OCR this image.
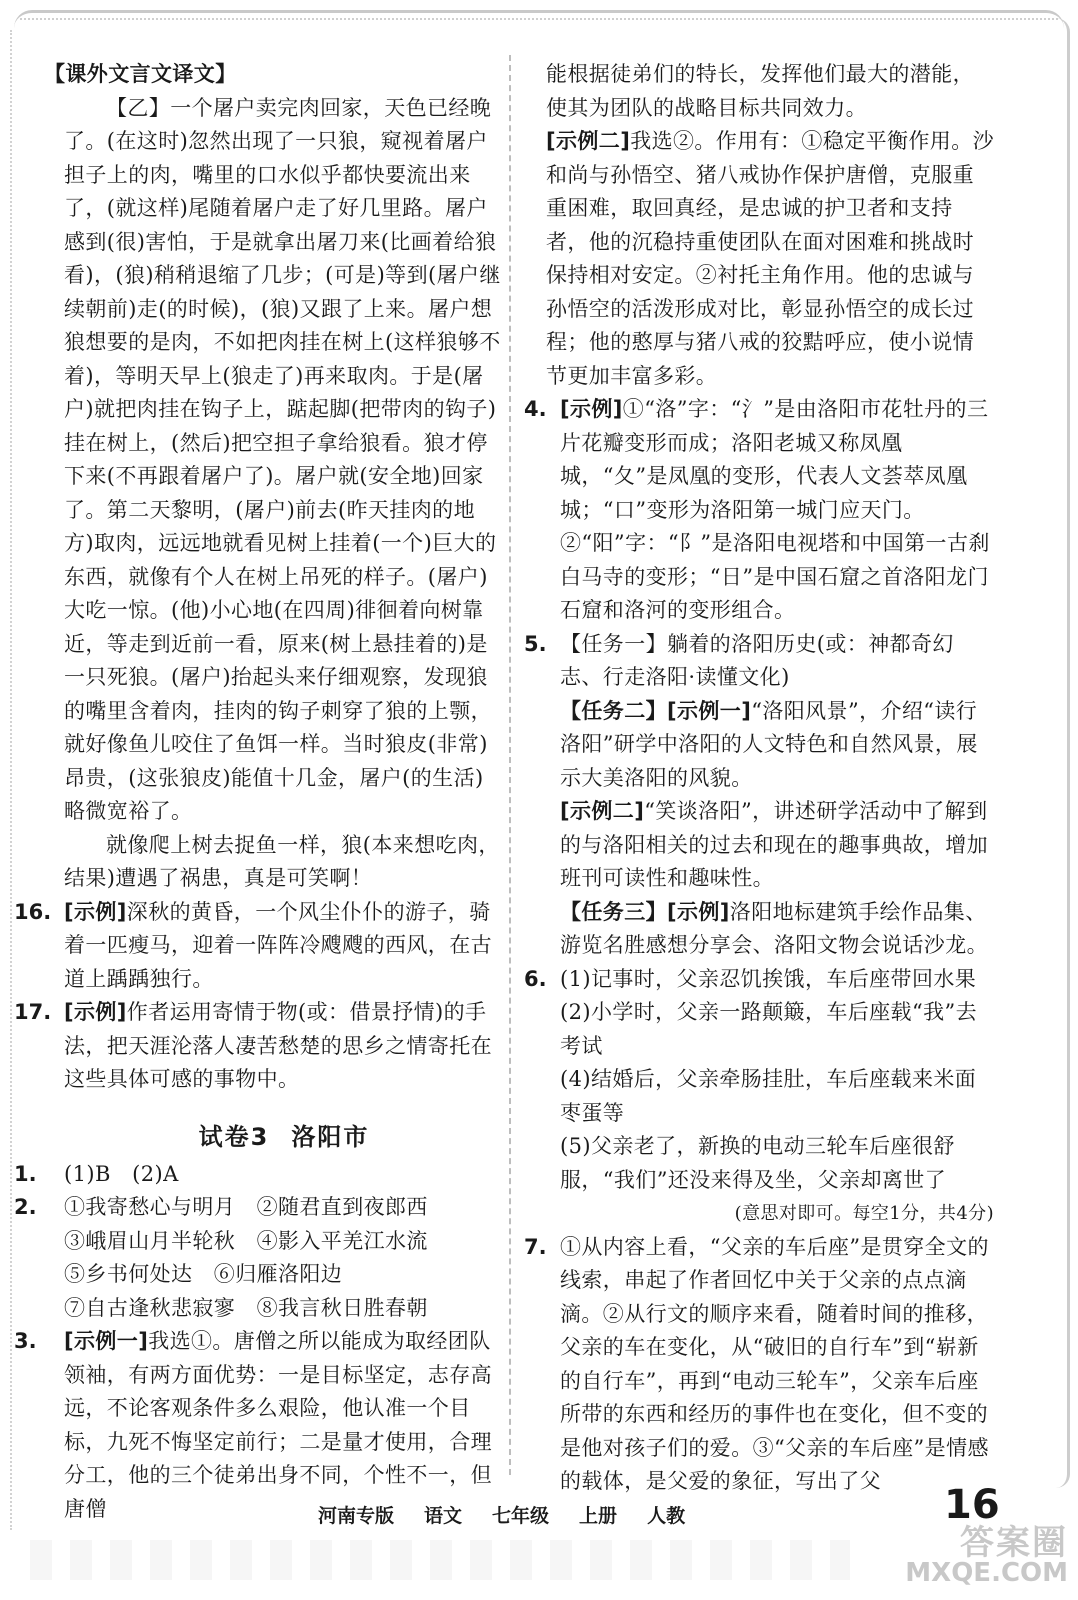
【课外文言文译文】

【乙】一个屠户卖完肉回家，天色已经晚了。(在这时)忽然出现了一只狼，窥视着屠户担子上的肉，嘴里的口水似乎都快要流出来了，(就这样)尾随着屠户走了好几里路。屠户感到(很)害怕，于是就拿出屠刀来(比画着给狼看)，(狼)稍稍退缩了几步；(可是)等到(屠户继续朝前)走(的时候)，(狼)又跟了上来。屠户想狼想要的是肉，不如把肉挂在树上(这样狼够不着)，等明天早上(狼走了)再来取肉。于是(屠户)就把肉挂在钩子上，踮起脚(把带肉的钩子)挂在树上，(然后)把空担子拿给狼看。狼才停下来(不再跟着屠户了)。屠户就(安全地)回家了。第二天黎明，(屠户)前去(昨天挂肉的地方)取肉，远远地就看见树上挂着(一个)巨大的东西，就像有个人在树上吊死的样子。(屠户)大吃一惊。(他)小心地(在四周)徘徊着向树靠近，等走到近前一看，原来(树上悬挂着的)是一只死狼。(屠户)抬起头来仔细观察，发现狼的嘴里含着肉，挂肉的钩子刺穿了狼的上颚，就好像鱼儿咬住了鱼饵一样。当时狼皮(非常)昂贵，(这张狼皮)能值十几金，屠户(的生活)略微宽裕了。

就像爬上树去捉鱼一样，狼(本来想吃肉，结果)遭遇了祸患，真是可笑啊！

16. [示例]深秋的黄昏，一个风尘仆仆的游子，骑着一匹瘦马，迎着一阵阵冷飕飕的西风，在古道上踽踽独行。

17. [示例]作者运用寄情于物(或：借景抒情)的手法，把天涯沦落人凄苦愁楚的思乡之情寄托在这些具体可感的事物中。

试卷3 洛阳市
1. (1)B　(2)A

2. ①我寄愁心与明月　②随君直到夜郎西

③峨眉山月半轮秋　④影入平羌江水流

⑤乡书何处达　⑥归雁洛阳边

⑦自古逢秋悲寂寥　⑧我言秋日胜春朝

3. [示例一]我选①。唐僧之所以能成为取经团队领袖，有两方面优势：一是目标坚定，志存高远，不论客观条件多么艰险，他认准一个目标，九死不悔坚定前行；二是量才使用，合理分工，他的三个徒弟出身不同，个性不一，但唐僧

能根据徒弟们的特长，发挥他们最大的潜能，使其为团队的战略目标共同效力。

[示例二]我选②。作用有：①稳定平衡作用。沙和尚与孙悟空、猪八戒协作保护唐僧，克服重重困难，取回真经，是忠诚的护卫者和支持者，他的沉稳持重使团队在面对困难和挑战时保持相对安定。②衬托主角作用。他的忠诚与孙悟空的活泼形成对比，彰显孙悟空的成长过程；他的憨厚与猪八戒的狡黠呼应，使小说情节更加丰富多彩。

4. [示例]①“洛”字：“氵”是由洛阳市花牡丹的三片花瓣变形而成；洛阳老城又称凤凰城，“夂”是凤凰的变形，代表人文荟萃凤凰城；“口”变形为洛阳第一城门应天门。②“阳”字：“阝”是洛阳电视塔和中国第一古刹白马寺的变形；“日”是中国石窟之首洛阳龙门石窟和洛河的变形组合。

5. 【任务一】躺着的洛阳历史(或：神都奇幻志、行走洛阳·读懂文化)

【任务二】[示例一]“洛阳风景”，介绍“读行洛阳”研学中洛阳的人文特色和自然风景，展示大美洛阳的风貌。

[示例二]“笑谈洛阳”，讲述研学活动中了解到的与洛阳相关的过去和现在的趣事典故，增加班刊可读性和趣味性。

【任务三】[示例]洛阳地标建筑手绘作品集、游览名胜感想分享会、洛阳文物会说话沙龙。

6. (1)记事时，父亲忍饥挨饿，车后座带回水果

(2)小学时，父亲一路颠簸，车后座载“我”去考试

(4)结婚后，父亲牵肠挂肚，车后座载来米面枣蛋等

(5)父亲老了，新换的电动三轮车后座很舒服，“我们”还没来得及坐，父亲却离世了

(意思对即可。每空1分，共4分)

7. ①从内容上看，“父亲的车后座”是贯穿全文的线索，串起了作者回忆中关于父亲的点点滴滴。②从行文的顺序来看，随着时间的推移，父亲的车在变化，从“破旧的自行车”到“崭新的自行车”，再到“电动三轮车”，父亲车后座所带的东西和经历的事件也在变化，但不变的是他对孩子们的爱。③“父亲的车后座”是情感的载体，是父爱的象征，写出了父

河南专版 语文 七年级 上册 人教	16
答案圈
MXQE.COM
